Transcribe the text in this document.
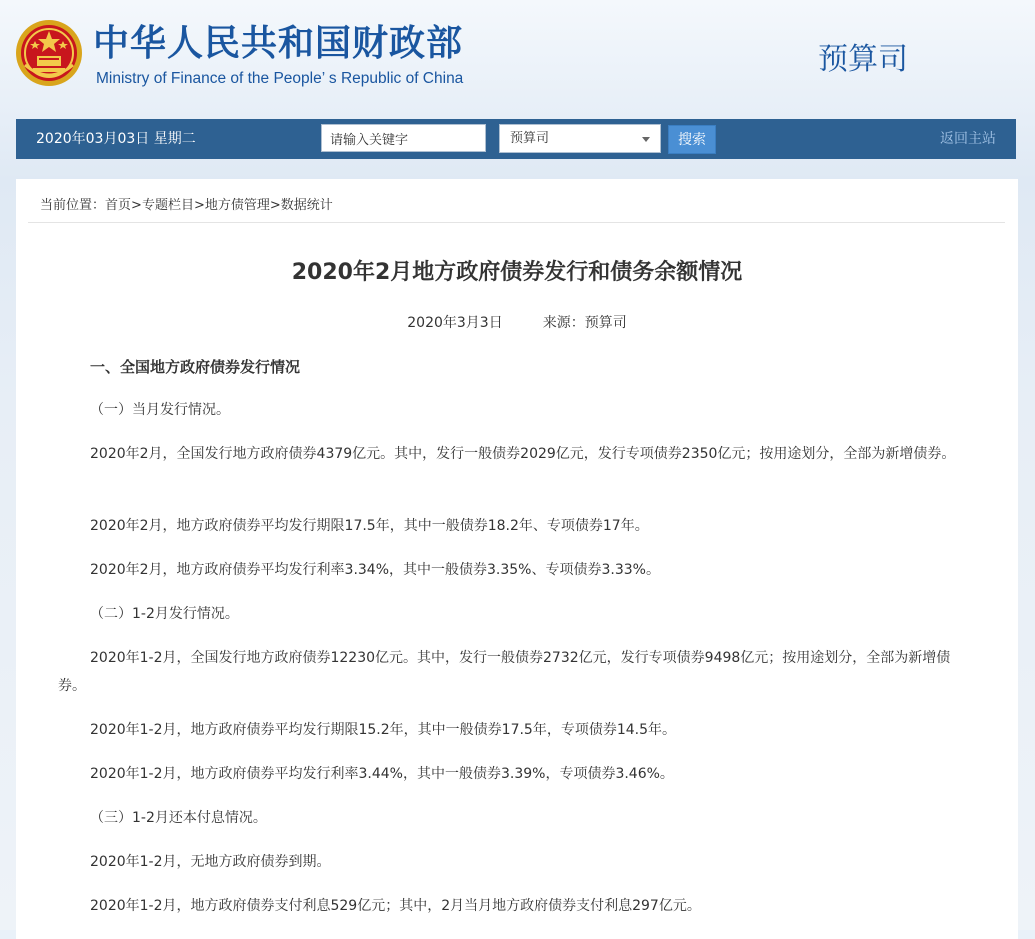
中华人民共和国财政部
Ministry of Finance of the People’ s Republic of China
预算司
2020年03月03日 星期二
请输入关键字	预算司	搜索	返回主站
当前位置：首页>专题栏目>地方债管理>数据统计
2020年2月地方政府债券发行和债务余额情况
2020年3月3日	来源：预算司
一、全国地方政府债券发行情况
（一）当月发行情况。
2020年2月，全国发行地方政府债券4379亿元。其中，发行一般债券2029亿元，发行专项债券2350亿元；按用途划分，全部为新增债券。
2020年2月，地方政府债券平均发行期限17.5年，其中一般债券18.2年、专项债券17年。
2020年2月，地方政府债券平均发行利率3.34%，其中一般债券3.35%、专项债券3.33%。
（二）1-2月发行情况。
2020年1-2月，全国发行地方政府债券12230亿元。其中，发行一般债券2732亿元，发行专项债券9498亿元；按用途划分，全部为新增债券。
2020年1-2月，地方政府债券平均发行期限15.2年，其中一般债券17.5年，专项债券14.5年。
2020年1-2月，地方政府债券平均发行利率3.44%，其中一般债券3.39%，专项债券3.46%。
（三）1-2月还本付息情况。
2020年1-2月，无地方政府债券到期。
2020年1-2月，地方政府债券支付利息529亿元；其中，2月当月地方政府债券支付利息297亿元。
